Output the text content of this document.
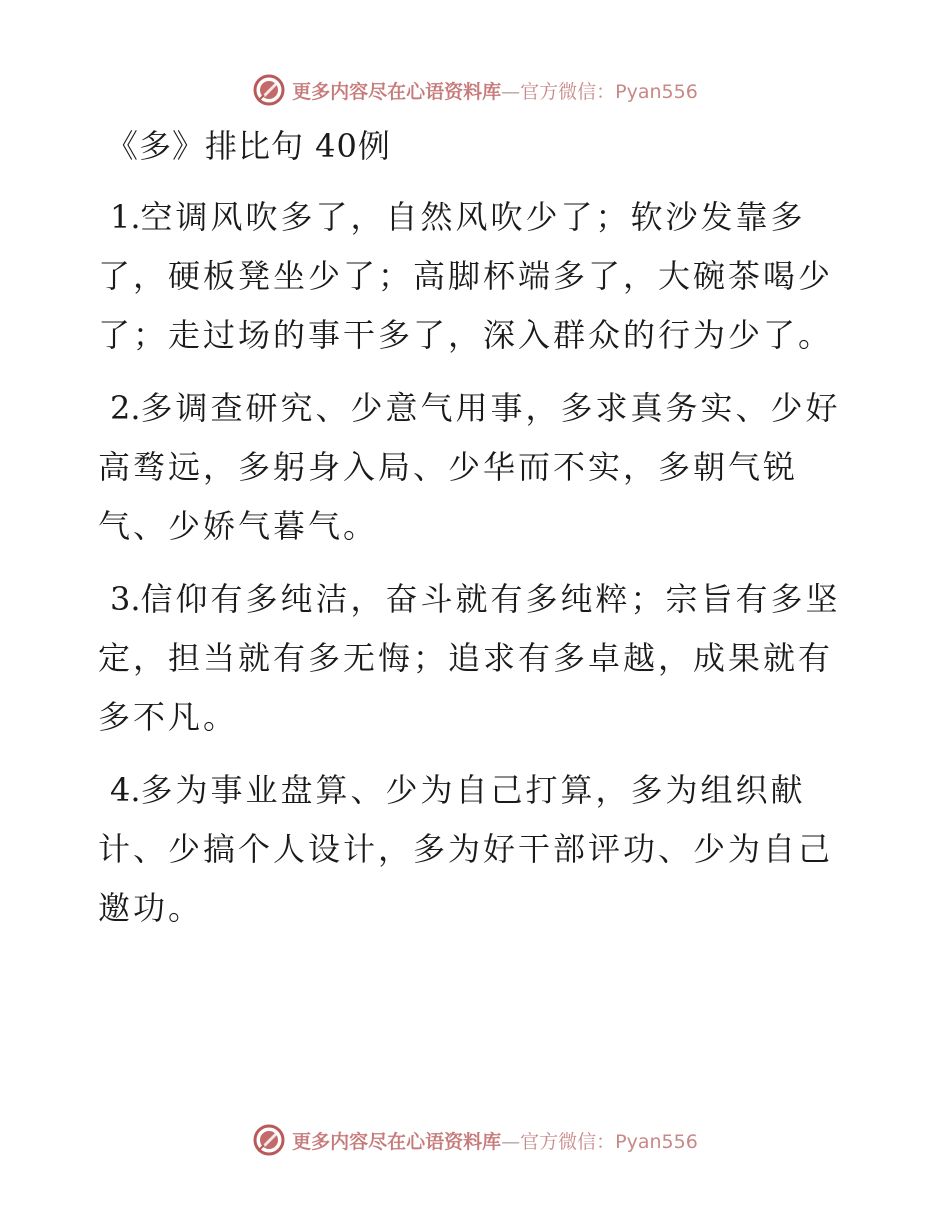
更多内容尽在心语资料库—官方微信：Pyan556
《多》排比句 40例

1.空调风吹多了，自然风吹少了；软沙发靠多了，硬板凳坐少了；高脚杯端多了，大碗茶喝少了；走过场的事干多了，深入群众的行为少了。

2.多调查研究、少意气用事，多求真务实、少好高骛远，多躬身入局、少华而不实，多朝气锐气、少娇气暮气。

3.信仰有多纯洁，奋斗就有多纯粹；宗旨有多坚定，担当就有多无悔；追求有多卓越，成果就有多不凡。

4.多为事业盘算、少为自己打算，多为组织献计、少搞个人设计，多为好干部评功、少为自己邀功。

更多内容尽在心语资料库—官方微信：Pyan556
